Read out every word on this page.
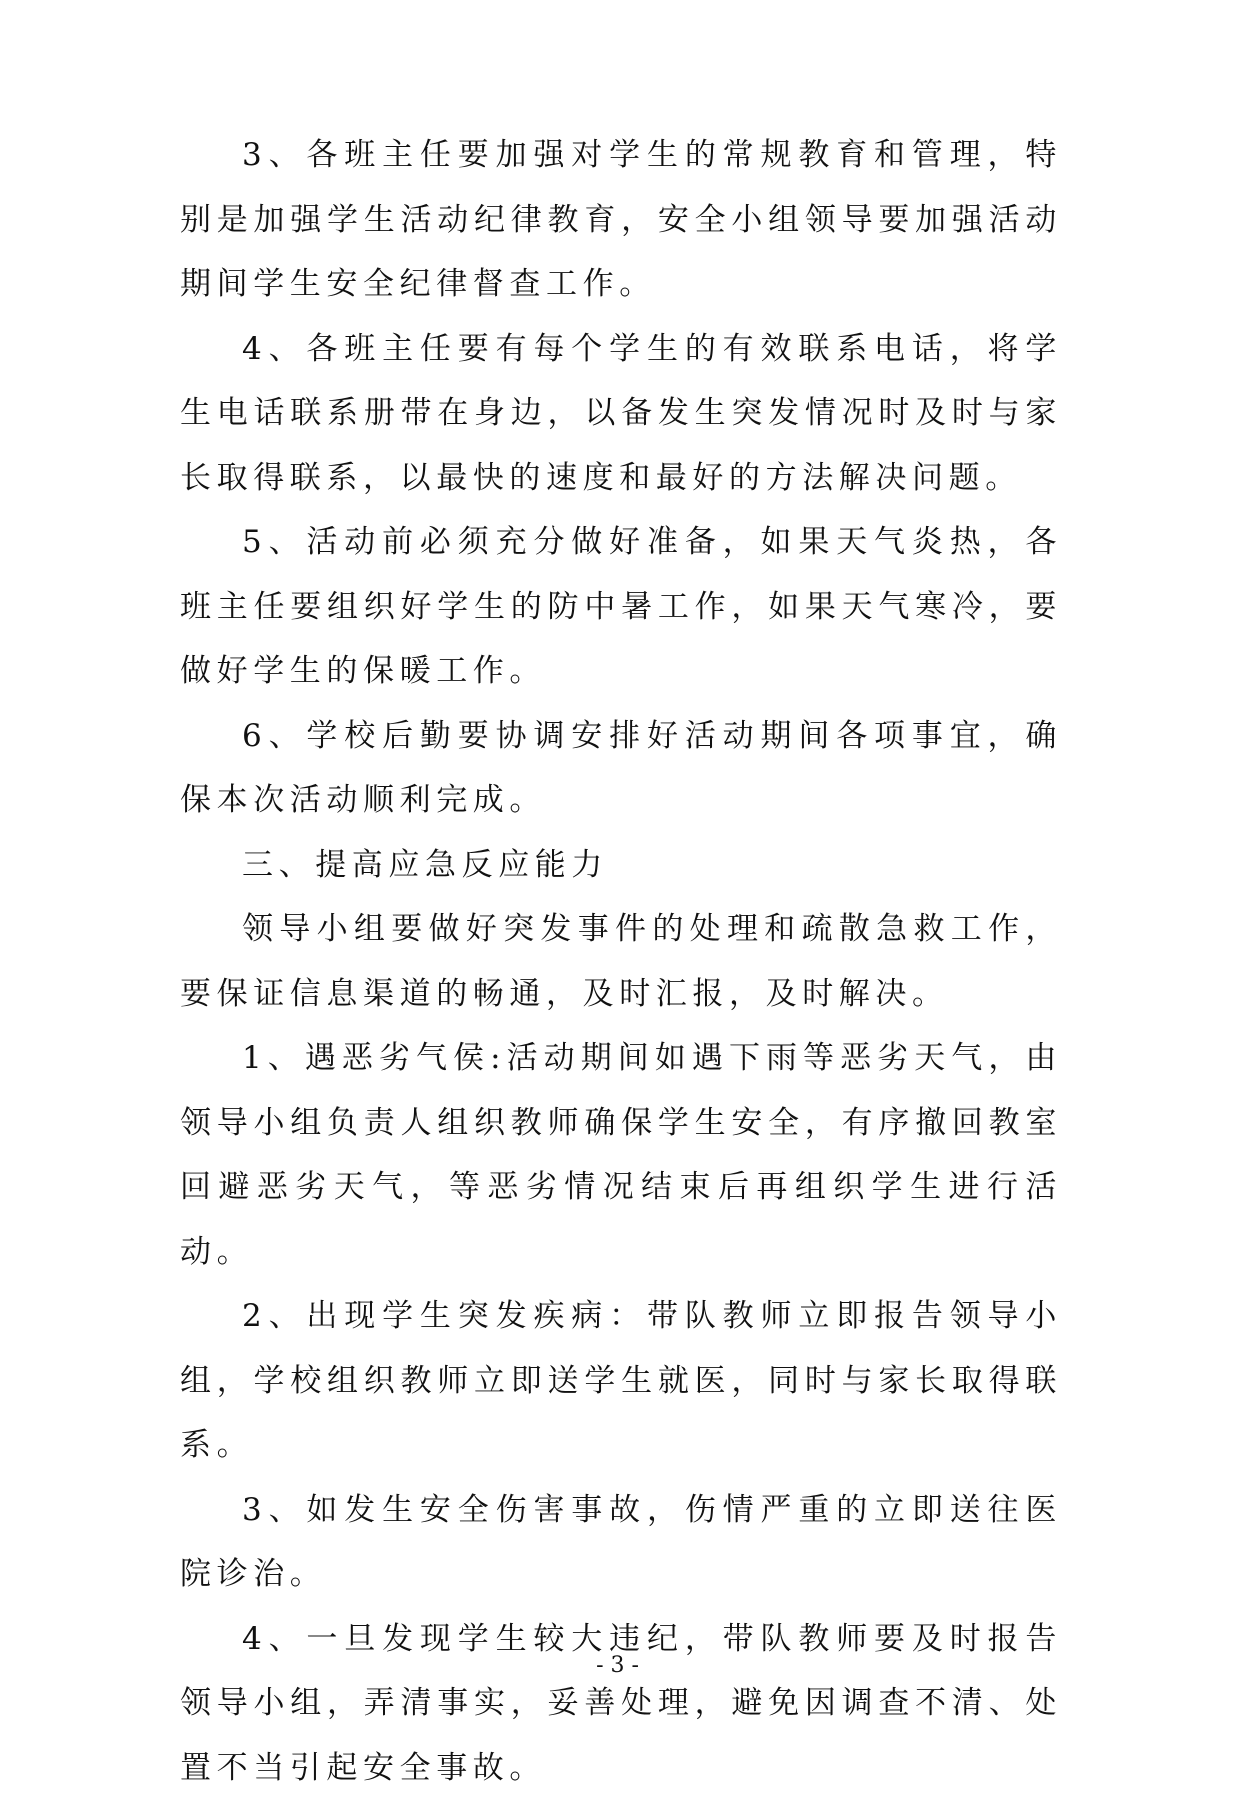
3、各班主任要加强对学生的常规教育和管理，特别是加强学生活动纪律教育，安全小组领导要加强活动期间学生安全纪律督查工作。

4、各班主任要有每个学生的有效联系电话，将学生电话联系册带在身边，以备发生突发情况时及时与家长取得联系，以最快的速度和最好的方法解决问题。

5、活动前必须充分做好准备，如果天气炎热，各班主任要组织好学生的防中暑工作，如果天气寒冷，要做好学生的保暖工作。

6、学校后勤要协调安排好活动期间各项事宜，确保本次活动顺利完成。

三、提高应急反应能力

领导小组要做好突发事件的处理和疏散急救工作，要保证信息渠道的畅通，及时汇报，及时解决。

1、遇恶劣气侯:活动期间如遇下雨等恶劣天气，由领导小组负责人组织教师确保学生安全，有序撤回教室回避恶劣天气，等恶劣情况结束后再组织学生进行活动。

2、出现学生突发疾病：带队教师立即报告领导小组，学校组织教师立即送学生就医，同时与家长取得联系。

3、如发生安全伤害事故，伤情严重的立即送往医院诊治。

4、一旦发现学生较大违纪，带队教师要及时报告领导小组，弄清事实，妥善处理，避免因调查不清、处置不当引起安全事故。

- 3 -
